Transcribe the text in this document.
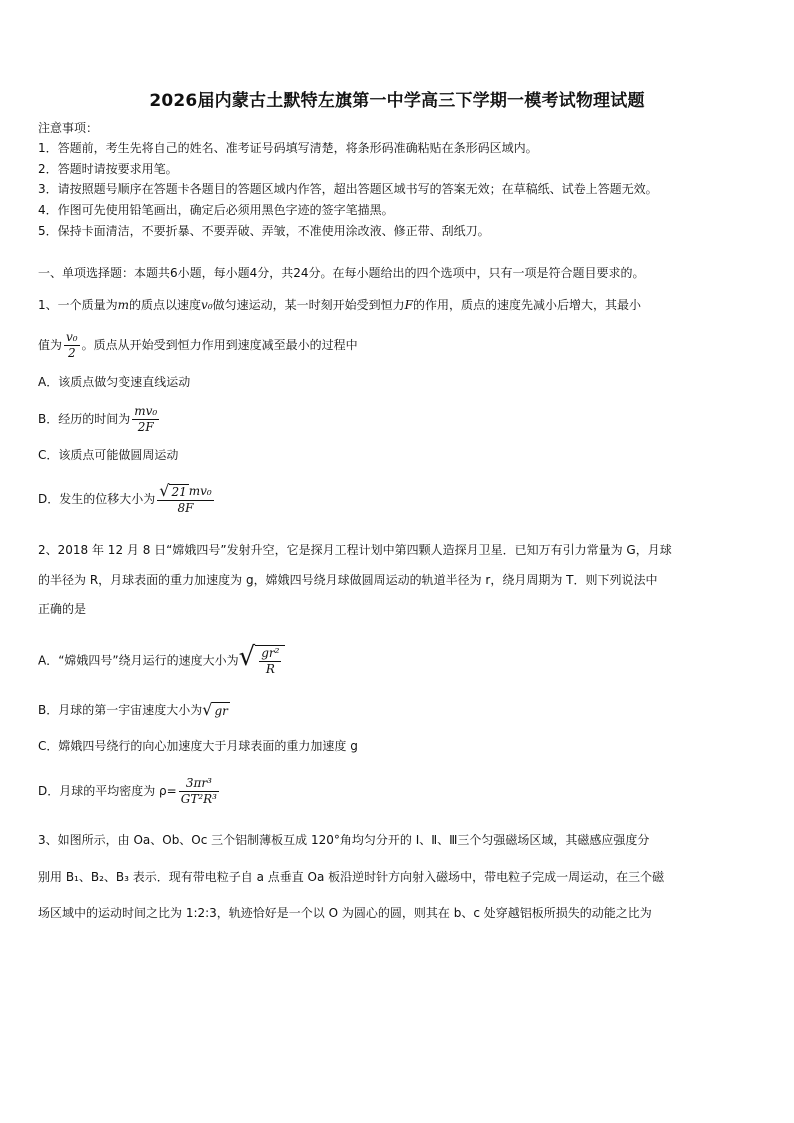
2026届内蒙古土默特左旗第一中学高三下学期一模考试物理试题
注意事项：
1．答题前，考生先将自己的姓名、准考证号码填写清楚，将条形码准确粘贴在条形码区域内。
2．答题时请按要求用笔。
3．请按照题号顺序在答题卡各题目的答题区域内作答，超出答题区域书写的答案无效；在草稿纸、试卷上答题无效。
4．作图可先使用铅笔画出，确定后必须用黑色字迹的签字笔描黑。
5．保持卡面清洁，不要折暴、不要弄破、弄皱，不准使用涂改液、修正带、刮纸刀。
一、单项选择题：本题共6小题，每小题4分，共24分。在每小题给出的四个选项中，只有一项是符合题目要求的。
1、一个质量为m的质点以速度v₀做匀速运动，某一时刻开始受到恒力F的作用，质点的速度先减小后增大，其最小
值为 $\frac{\text{v₀}}{2}$ 。质点从开始受到恒力作用到速度减至最小的过程中
A．该质点做匀变速直线运动
B．经历的时间为 $\frac{\text{mv₀}}{2F}$
C．该质点可能做圆周运动
D．发生的位移大小为 $\frac{\text{√ 21 mv₀}}{8F}$
2、2018 年 12 月 8 日“嫦娥四号”发射升空，它是探月工程计划中第四颗人造探月卫星．已知万有引力常量为 G，月球
的半径为 R，月球表面的重力加速度为 g，嫦娥四号绕月球做圆周运动的轨道半径为 r，绕月周期为 T．则下列说法中
正确的是
A．“嫦娥四号”绕月运行的速度大小为√ $\frac{\text{gr²}}{R}$
B．月球的第一宇宙速度大小为√ gr
C．嫦娥四号绕行的向心加速度大于月球表面的重力加速度 g
D．月球的平均密度为 $\rho= \frac{\text{3πr³}}{\text{GT²R³}}$
3、如图所示，由 Oa、Ob、Oc 三个铝制薄板互成 120°角均匀分开的 Ⅰ、Ⅱ、Ⅲ三个匀强磁场区域，其磁感应强度分
别用 B₁、B₂、B₃ 表示．现有带电粒子自 a 点垂直 Oa 板沿逆时针方向射入磁场中，带电粒子完成一周运动，在三个磁
场区域中的运动时间之比为 1:2:3，轨迹恰好是一个以 O 为圆心的圆，则其在 b、c 处穿越铝板所损失的动能之比为
